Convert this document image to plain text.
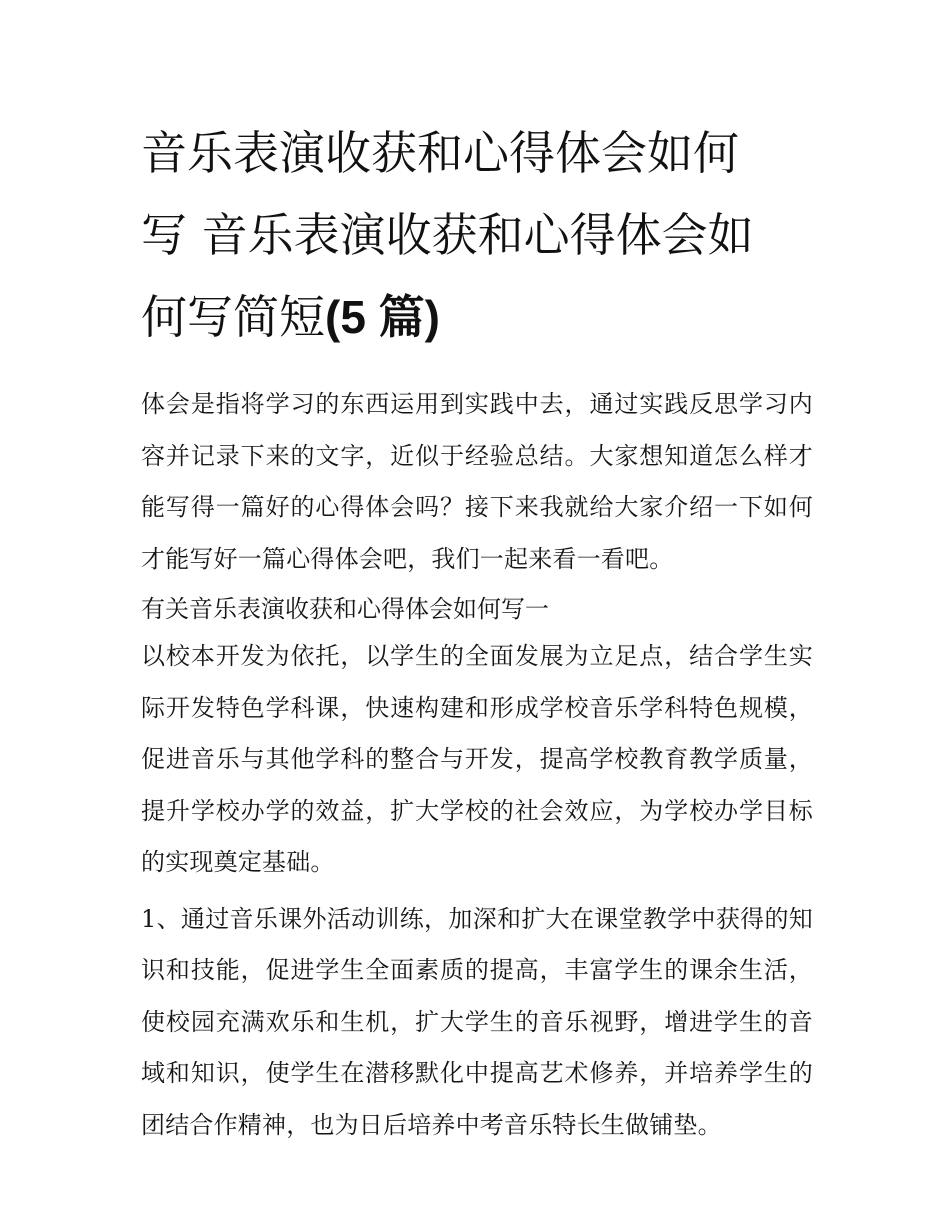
音乐表演收获和心得体会如何
写 音乐表演收获和心得体会如
何写简短(5 篇)

体会是指将学习的东西运用到实践中去，通过实践反思学习内容并记录下来的文字，近似于经验总结。大家想知道怎么样才能写得一篇好的心得体会吗？接下来我就给大家介绍一下如何才能写好一篇心得体会吧，我们一起来看一看吧。

有关音乐表演收获和心得体会如何写一

以校本开发为依托，以学生的全面发展为立足点，结合学生实际开发特色学科课，快速构建和形成学校音乐学科特色规模，促进音乐与其他学科的整合与开发，提高学校教育教学质量，提升学校办学的效益，扩大学校的社会效应，为学校办学目标的实现奠定基础。

1、通过音乐课外活动训练，加深和扩大在课堂教学中获得的知识和技能，促进学生全面素质的提高，丰富学生的课余生活，使校园充满欢乐和生机，扩大学生的音乐视野，增进学生的音域和知识，使学生在潜移默化中提高艺术修养，并培养学生的团结合作精神，也为日后培养中考音乐特长生做铺垫。
